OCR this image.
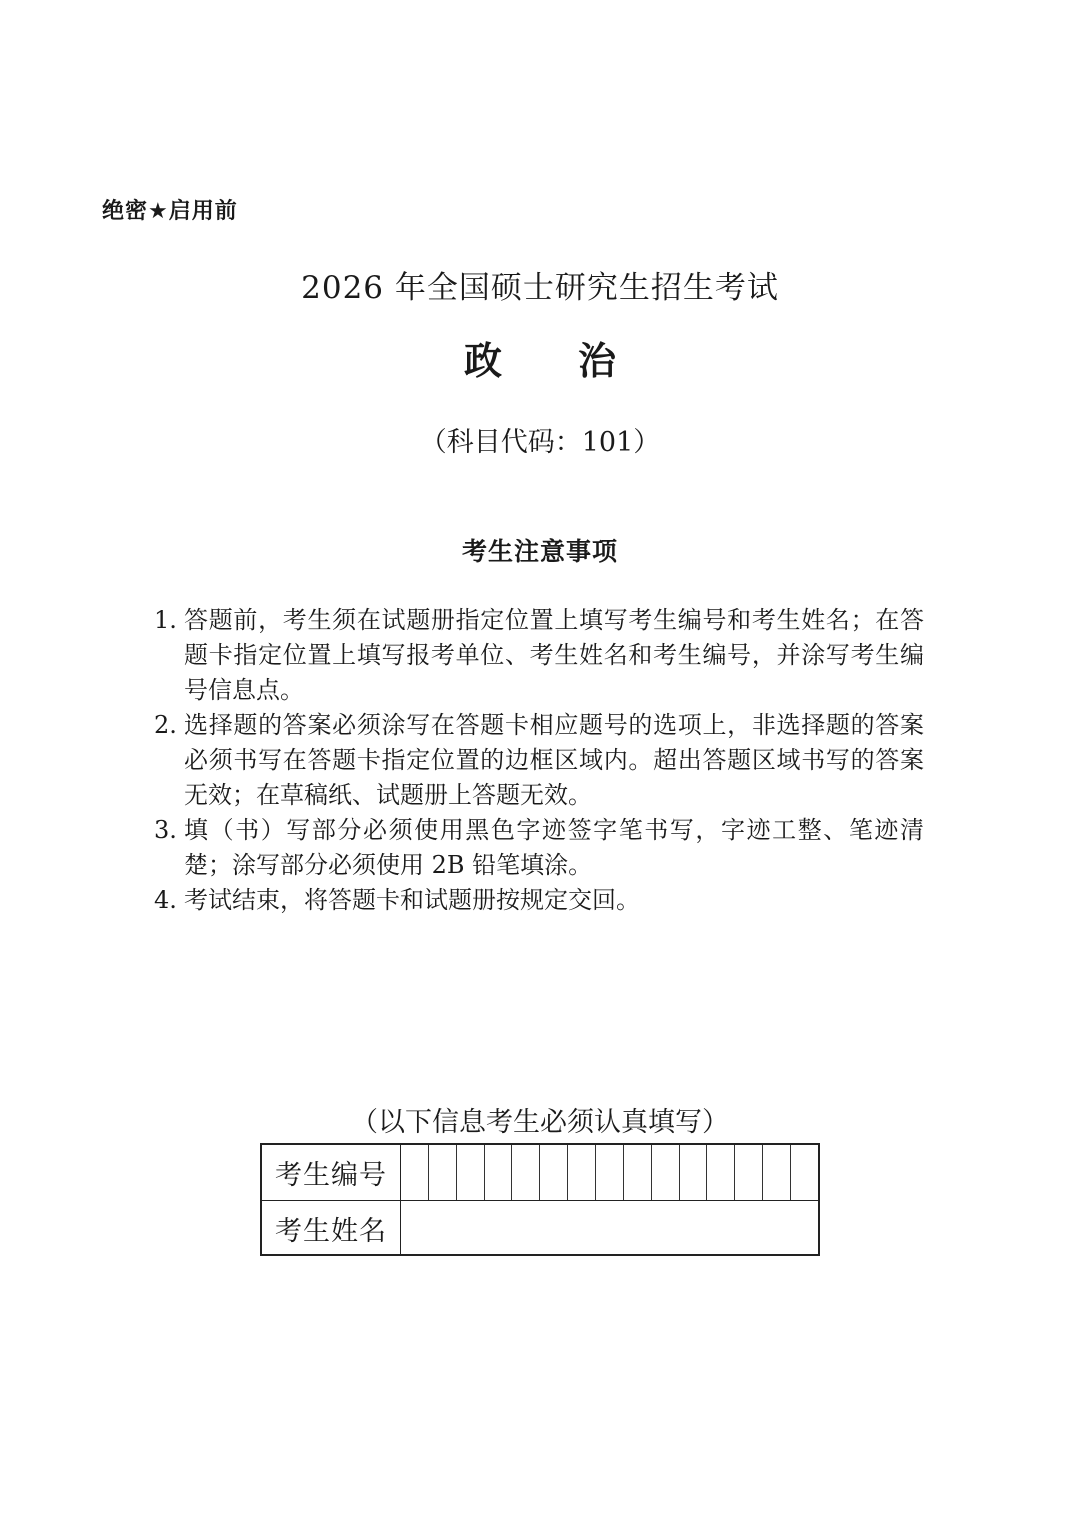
绝密★启用前
2026 年全国硕士研究生招生考试
政　　治
（科目代码：101）
考生注意事项
1. 答题前，考生须在试题册指定位置上填写考生编号和考生姓名；在答题卡指定位置上填写报考单位、考生姓名和考生编号，并涂写考生编号信息点。
2. 选择题的答案必须涂写在答题卡相应题号的选项上，非选择题的答案必须书写在答题卡指定位置的边框区域内。超出答题区域书写的答案无效；在草稿纸、试题册上答题无效。
3. 填（书）写部分必须使用黑色字迹签字笔书写，字迹工整、笔迹清楚；涂写部分必须使用 2B 铅笔填涂。
4. 考试结束，将答题卡和试题册按规定交回。
（以下信息考生必须认真填写）
考生编号
考生姓名
